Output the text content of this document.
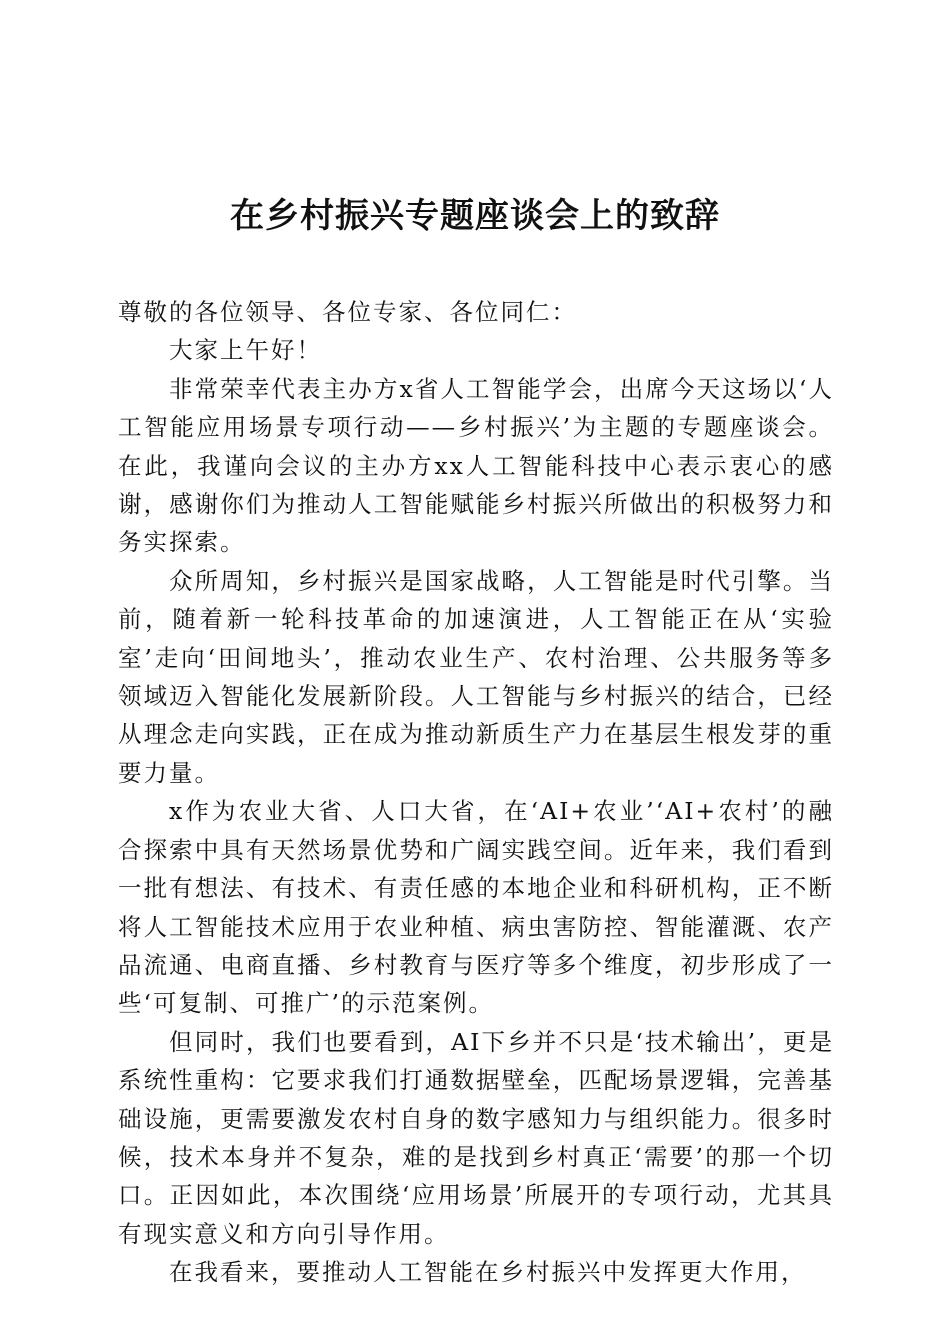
在乡村振兴专题座谈会上的致辞

尊敬的各位领导、各位专家、各位同仁：

大家上午好！

非常荣幸代表主办方x省人工智能学会，出席今天这场以‘人工智能应用场景专项行动——乡村振兴’为主题的专题座谈会。在此，我谨向会议的主办方xx人工智能科技中心表示衷心的感谢，感谢你们为推动人工智能赋能乡村振兴所做出的积极努力和务实探索。

众所周知，乡村振兴是国家战略，人工智能是时代引擎。当前，随着新一轮科技革命的加速演进，人工智能正在从‘实验室’走向‘田间地头’，推动农业生产、农村治理、公共服务等多领域迈入智能化发展新阶段。人工智能与乡村振兴的结合，已经从理念走向实践，正在成为推动新质生产力在基层生根发芽的重要力量。

x作为农业大省、人口大省，在‘AI+农业’‘AI+农村’的融合探索中具有天然场景优势和广阔实践空间。近年来，我们看到一批有想法、有技术、有责任感的本地企业和科研机构，正不断将人工智能技术应用于农业种植、病虫害防控、智能灌溉、农产品流通、电商直播、乡村教育与医疗等多个维度，初步形成了一些‘可复制、可推广’的示范案例。

但同时，我们也要看到，AI下乡并不只是‘技术输出’，更是系统性重构：它要求我们打通数据壁垒，匹配场景逻辑，完善基础设施，更需要激发农村自身的数字感知力与组织能力。很多时候，技术本身并不复杂，难的是找到乡村真正‘需要’的那一个切口。正因如此，本次围绕‘应用场景’所展开的专项行动，尤其具有现实意义和方向引导作用。

在我看来，要推动人工智能在乡村振兴中发挥更大作用，
